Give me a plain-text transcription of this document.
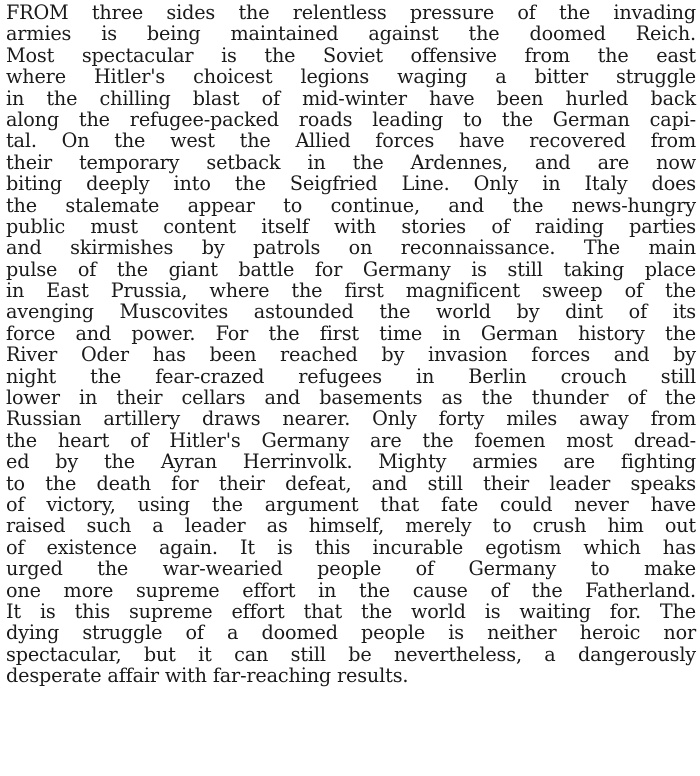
FROM three sides the relentless pressure of the invading
armies is being maintained against the doomed Reich.
Most spectacular is the Soviet offensive from the east
where Hitler's choicest legions waging a bitter struggle
in the chilling blast of mid-winter have been hurled back
along the refugee-packed roads leading to the German capi-
tal. On the west the Allied forces have recovered from
their temporary setback in the Ardennes, and are now
biting deeply into the Seigfried Line. Only in Italy does
the stalemate appear to continue, and the news-hungry
public must content itself with stories of raiding parties
and skirmishes by patrols on reconnaissance. The main
pulse of the giant battle for Germany is still taking place
in East Prussia, where the first magnificent sweep of the
avenging Muscovites astounded the world by dint of its
force and power. For the first time in German history the
River Oder has been reached by invasion forces and by
night the fear-crazed refugees in Berlin crouch still
lower in their cellars and basements as the thunder of the
Russian artillery draws nearer. Only forty miles away from
the heart of Hitler's Germany are the foemen most dread-
ed by the Ayran Herrinvolk. Mighty armies are fighting
to the death for their defeat, and still their leader speaks
of victory, using the argument that fate could never have
raised such a leader as himself, merely to crush him out
of existence again. It is this incurable egotism which has
urged the war-wearied people of Germany to make
one more supreme effort in the cause of the Fatherland.
It is this supreme effort that the world is waiting for. The
dying struggle of a doomed people is neither heroic nor
spectacular, but it can still be nevertheless, a dangerously
desperate affair with far-reaching results.
